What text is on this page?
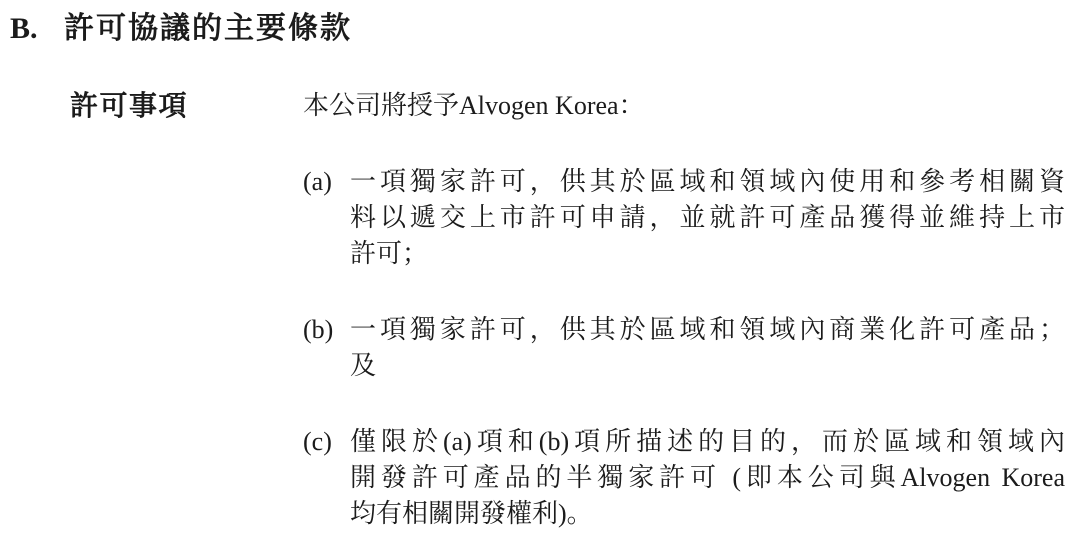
B. 許可協議的主要條款
許可事項	本公司將授予Alvogen Korea：

(a) 一項獨家許可，供其於區域和領域內使用和參考相關資
料以遞交上市許可申請，並就許可產品獲得並維持上市
許可；
(b) 一項獨家許可，供其於區域和領域內商業化許可產品；
及
(c) 僅限於(a)項和(b)項所描述的目的，而於區域和領域內
開發許可產品的半獨家許可 (即本公司與Alvogen Korea
均有相關開發權利)。
